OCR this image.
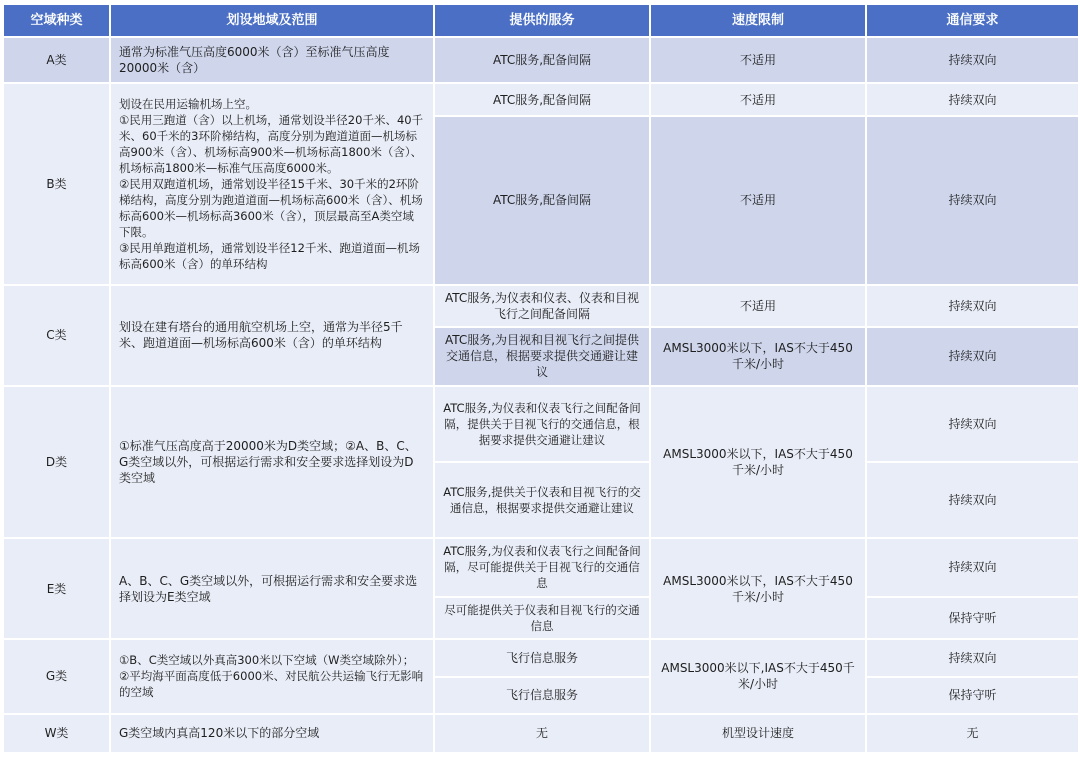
空域种类	划设地域及范围	提供的服务	速度限制	通信要求
A类	通常为标准气压高度6000米（含）至标准气压高度20000米（含）	ATC服务,配备间隔	不适用	持续双向
B类	划设在民用运输机场上空。
①民用三跑道（含）以上机场，通常划设半径20千米、40千米、60千米的3环阶梯结构，高度分别为跑道道面—机场标高900米（含）、机场标高900米—机场标高1800米（含）、机场标高1800米—标准气压高度6000米。
②民用双跑道机场，通常划设半径15千米、30千米的2环阶梯结构，高度分别为跑道道面—机场标高600米（含）、机场标高600米—机场标高3600米（含），顶层最高至A类空域下限。
③民用单跑道机场，通常划设半径12千米、跑道道面—机场标高600米（含）的单环结构	ATC服务,配备间隔	不适用	持续双向
		ATC服务,配备间隔	不适用	持续双向
C类	划设在建有塔台的通用航空机场上空，通常为半径5千米、跑道道面—机场标高600米（含）的单环结构	ATC服务,为仪表和仪表、仪表和目视飞行之间配备间隔	不适用	持续双向
		ATC服务,为目视和目视飞行之间提供交通信息，根据要求提供交通避让建议	AMSL3000米以下，IAS不大于450千米/小时	持续双向
D类	①标准气压高度高于20000米为D类空域；②A、B、C、G类空域以外，可根据运行需求和安全要求选择划设为D类空域	ATC服务,为仪表和仪表飞行之间配备间隔，提供关于目视飞行的交通信息，根据要求提供交通避让建议	AMSL3000米以下，IAS不大于450千米/小时	持续双向
		ATC服务,提供关于仪表和目视飞行的交通信息，根据要求提供交通避让建议		持续双向
E类	A、B、C、G类空域以外，可根据运行需求和安全要求选择划设为E类空域	ATC服务,为仪表和仪表飞行之间配备间隔，尽可能提供关于目视飞行的交通信息	AMSL3000米以下，IAS不大于450千米/小时	持续双向
		尽可能提供关于仪表和目视飞行的交通信息		保持守听
G类	①B、C类空域以外真高300米以下空域（W类空域除外）；
②平均海平面高度低于6000米、对民航公共运输飞行无影响的空域	飞行信息服务	AMSL3000米以下,IAS不大于450千米/小时	持续双向
		飞行信息服务		保持守听
W类	G类空域内真高120米以下的部分空域	无	机型设计速度	无
